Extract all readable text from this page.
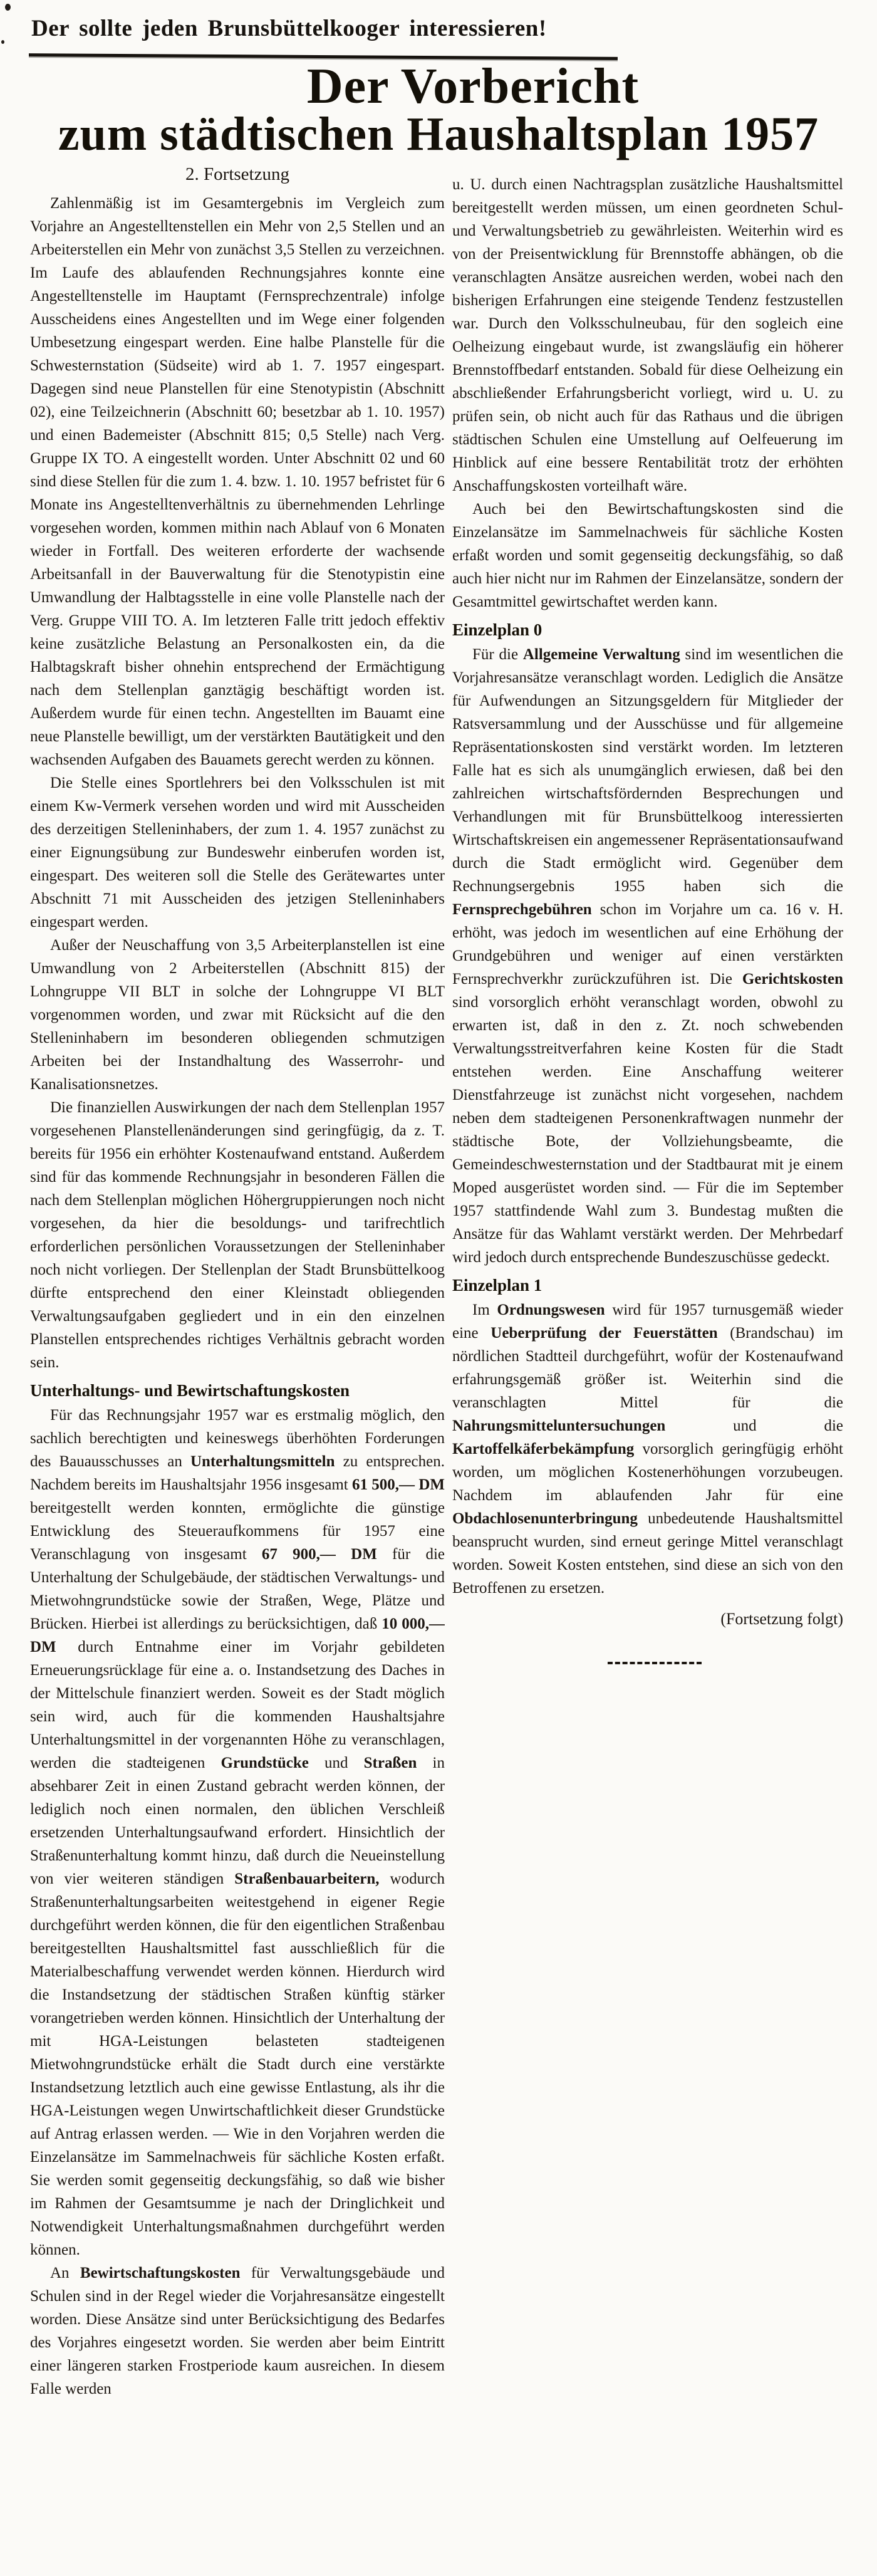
Der sollte jeden Brunsbüttelkooger interessieren!
Der Vorbericht
zum städtischen Haushaltsplan 1957
2. Fortsetzung

Zahlenmäßig ist im Gesamtergebnis im Vergleich zum Vorjahre an Angestelltenstellen ein Mehr von 2,5 Stellen und an Arbeiterstellen ein Mehr von zunächst 3,5 Stellen zu verzeichnen. Im Laufe des ablaufenden Rechnungsjahres konnte eine Angestelltenstelle im Hauptamt (Fernsprechzentrale) infolge Ausscheidens eines Angestellten und im Wege einer folgenden Umbesetzung eingespart werden. Eine halbe Planstelle für die Schwesternstation (Südseite) wird ab 1. 7. 1957 eingespart. Dagegen sind neue Planstellen für eine Stenotypistin (Abschnitt 02), eine Teilzeichnerin (Abschnitt 60; besetzbar ab 1. 10. 1957) und einen Bademeister (Abschnitt 815; 0,5 Stelle) nach Verg. Gruppe IX TO. A eingestellt worden. Unter Abschnitt 02 und 60 sind diese Stellen für die zum 1. 4. bzw. 1. 10. 1957 befristet für 6 Monate ins Angestelltenverhältnis zu übernehmenden Lehrlinge vorgesehen worden, kommen mithin nach Ablauf von 6 Monaten wieder in Fortfall. Des weiteren erforderte der wachsende Arbeitsanfall in der Bauverwaltung für die Stenotypistin eine Umwandlung der Halbtagsstelle in eine volle Planstelle nach der Verg. Gruppe VIII TO. A. Im letzteren Falle tritt jedoch effektiv keine zusätzliche Belastung an Personalkosten ein, da die Halbtagskraft bisher ohnehin entsprechend der Ermächtigung nach dem Stellenplan ganztägig beschäftigt worden ist. Außerdem wurde für einen techn. Angestellten im Bauamt eine neue Planstelle bewilligt, um der verstärkten Bautätigkeit und den wachsenden Aufgaben des Bauamets gerecht werden zu können.

Die Stelle eines Sportlehrers bei den Volksschulen ist mit einem Kw-Vermerk versehen worden und wird mit Ausscheiden des derzeitigen Stelleninhabers, der zum 1. 4. 1957 zunächst zu einer Eignungsübung zur Bundeswehr einberufen worden ist, eingespart. Des weiteren soll die Stelle des Gerätewartes unter Abschnitt 71 mit Ausscheiden des jetzigen Stelleninhabers eingespart werden.

Außer der Neuschaffung von 3,5 Arbeiterplanstellen ist eine Umwandlung von 2 Arbeiterstellen (Abschnitt 815) der Lohngruppe VII BLT in solche der Lohngruppe VI BLT vorgenommen worden, und zwar mit Rücksicht auf die den Stelleninhabern im besonderen obliegenden schmutzigen Arbeiten bei der Instandhaltung des Wasserrohr- und Kanalisationsnetzes.

Die finanziellen Auswirkungen der nach dem Stellenplan 1957 vorgesehenen Planstellenänderungen sind geringfügig, da z. T. bereits für 1956 ein erhöhter Kostenaufwand entstand. Außerdem sind für das kommende Rechnungsjahr in besonderen Fällen die nach dem Stellenplan möglichen Höhergruppierungen noch nicht vorgesehen, da hier die besoldungs- und tarifrechtlich erforderlichen persönlichen Voraussetzungen der Stelleninhaber noch nicht vorliegen. Der Stellenplan der Stadt Brunsbüttelkoog dürfte entsprechend den einer Kleinstadt obliegenden Verwaltungsaufgaben gegliedert und in ein den einzelnen Planstellen entsprechendes richtiges Verhältnis gebracht worden sein.

Unterhaltungs- und Bewirtschaftungskosten

Für das Rechnungsjahr 1957 war es erstmalig möglich, den sachlich berechtigten und keineswegs überhöhten Forderungen des Bauausschusses an Unterhaltungsmitteln zu entsprechen. Nachdem bereits im Haushaltsjahr 1956 insgesamt 61 500,— DM bereitgestellt werden konnten, ermöglichte die günstige Entwicklung des Steueraufkommens für 1957 eine Veranschlagung von insgesamt 67 900,— DM für die Unterhaltung der Schulgebäude, der städtischen Verwaltungs- und Mietwohngrundstücke sowie der Straßen, Wege, Plätze und Brücken. Hierbei ist allerdings zu berücksichtigen, daß 10 000,— DM durch Entnahme einer im Vorjahr gebildeten Erneuerungsrücklage für eine a. o. Instandsetzung des Daches in der Mittelschule finanziert werden. Soweit es der Stadt möglich sein wird, auch für die kommenden Haushaltsjahre Unterhaltungsmittel in der vorgenannten Höhe zu veranschlagen, werden die stadteigenen Grundstücke und Straßen in absehbarer Zeit in einen Zustand gebracht werden können, der lediglich noch einen normalen, den üblichen Verschleiß ersetzenden Unterhaltungsaufwand erfordert. Hinsichtlich der Straßenunterhaltung kommt hinzu, daß durch die Neueinstellung von vier weiteren ständigen Straßenbauarbeitern, wodurch Straßenunterhaltungsarbeiten weitestgehend in eigener Regie durchgeführt werden können, die für den eigentlichen Straßenbau bereitgestellten Haushaltsmittel fast ausschließlich für die Materialbeschaffung verwendet werden können. Hierdurch wird die Instandsetzung der städtischen Straßen künftig stärker vorangetrieben werden können. Hinsichtlich der Unterhaltung der mit HGA-Leistungen belasteten stadteigenen Mietwohngrundstücke erhält die Stadt durch eine verstärkte Instandsetzung letztlich auch eine gewisse Entlastung, als ihr die HGA-Leistungen wegen Unwirtschaftlichkeit dieser Grundstücke auf Antrag erlassen werden. — Wie in den Vorjahren werden die Einzelansätze im Sammelnachweis für sächliche Kosten erfaßt. Sie werden somit gegenseitig deckungsfähig, so daß wie bisher im Rahmen der Gesamtsumme je nach der Dringlichkeit und Notwendigkeit Unterhaltungsmaßnahmen durchgeführt werden können.

An Bewirtschaftungskosten für Verwaltungsgebäude und Schulen sind in der Regel wieder die Vorjahresansätze eingestellt worden. Diese Ansätze sind unter Berücksichtigung des Bedarfes des Vorjahres eingesetzt worden. Sie werden aber beim Eintritt einer längeren starken Frostperiode kaum ausreichen. In diesem Falle werden

u. U. durch einen Nachtragsplan zusätzliche Haushaltsmittel bereitgestellt werden müssen, um einen geordneten Schul- und Verwaltungsbetrieb zu gewährleisten. Weiterhin wird es von der Preisentwicklung für Brennstoffe abhängen, ob die veranschlagten Ansätze ausreichen werden, wobei nach den bisherigen Erfahrungen eine steigende Tendenz festzustellen war. Durch den Volksschulneubau, für den sogleich eine Oelheizung eingebaut wurde, ist zwangsläufig ein höherer Brennstoffbedarf entstanden. Sobald für diese Oelheizung ein abschließender Erfahrungsbericht vorliegt, wird u. U. zu prüfen sein, ob nicht auch für das Rathaus und die übrigen städtischen Schulen eine Umstellung auf Oelfeuerung im Hinblick auf eine bessere Rentabilität trotz der erhöhten Anschaffungskosten vorteilhaft wäre.

Auch bei den Bewirtschaftungskosten sind die Einzelansätze im Sammelnachweis für sächliche Kosten erfaßt worden und somit gegenseitig deckungsfähig, so daß auch hier nicht nur im Rahmen der Einzelansätze, sondern der Gesamtmittel gewirtschaftet werden kann.

Einzelplan 0

Für die Allgemeine Verwaltung sind im wesentlichen die Vorjahresansätze veranschlagt worden. Lediglich die Ansätze für Aufwendungen an Sitzungsgeldern für Mitglieder der Ratsversammlung und der Ausschüsse und für allgemeine Repräsentationskosten sind verstärkt worden. Im letzteren Falle hat es sich als unumgänglich erwiesen, daß bei den zahlreichen wirtschaftsfördernden Besprechungen und Verhandlungen mit für Brunsbüttelkoog interessierten Wirtschaftskreisen ein angemessener Repräsentationsaufwand durch die Stadt ermöglicht wird. Gegenüber dem Rechnungsergebnis 1955 haben sich die Fernsprechgebühren schon im Vorjahre um ca. 16 v. H. erhöht, was jedoch im wesentlichen auf eine Erhöhung der Grundgebühren und weniger auf einen verstärkten Fernsprechverkhr zurückzuführen ist. Die Gerichtskosten sind vorsorglich erhöht veranschlagt worden, obwohl zu erwarten ist, daß in den z. Zt. noch schwebenden Verwaltungsstreitverfahren keine Kosten für die Stadt entstehen werden. Eine Anschaffung weiterer Dienstfahrzeuge ist zunächst nicht vorgesehen, nachdem neben dem stadteigenen Personenkraftwagen nunmehr der städtische Bote, der Vollziehungsbeamte, die Gemeindeschwesternstation und der Stadtbaurat mit je einem Moped ausgerüstet worden sind. — Für die im September 1957 stattfindende Wahl zum 3. Bundestag mußten die Ansätze für das Wahlamt verstärkt werden. Der Mehrbedarf wird jedoch durch entsprechende Bundeszuschüsse gedeckt.

Einzelplan 1

Im Ordnungswesen wird für 1957 turnusgemäß wieder eine Ueberprüfung der Feuerstätten (Brandschau) im nördlichen Stadtteil durchgeführt, wofür der Kostenaufwand erfahrungsgemäß größer ist. Weiterhin sind die veranschlagten Mittel für die Nahrungsmitteluntersuchungen und die Kartoffelkäferbekämpfung vorsorglich geringfügig erhöht worden, um möglichen Kostenerhöhungen vorzubeugen. Nachdem im ablaufenden Jahr für eine Obdachlosenunterbringung unbedeutende Haushaltsmittel beansprucht wurden, sind erneut geringe Mittel veranschlagt worden. Soweit Kosten entstehen, sind diese an sich von den Betroffenen zu ersetzen.

(Fortsetzung folgt)
